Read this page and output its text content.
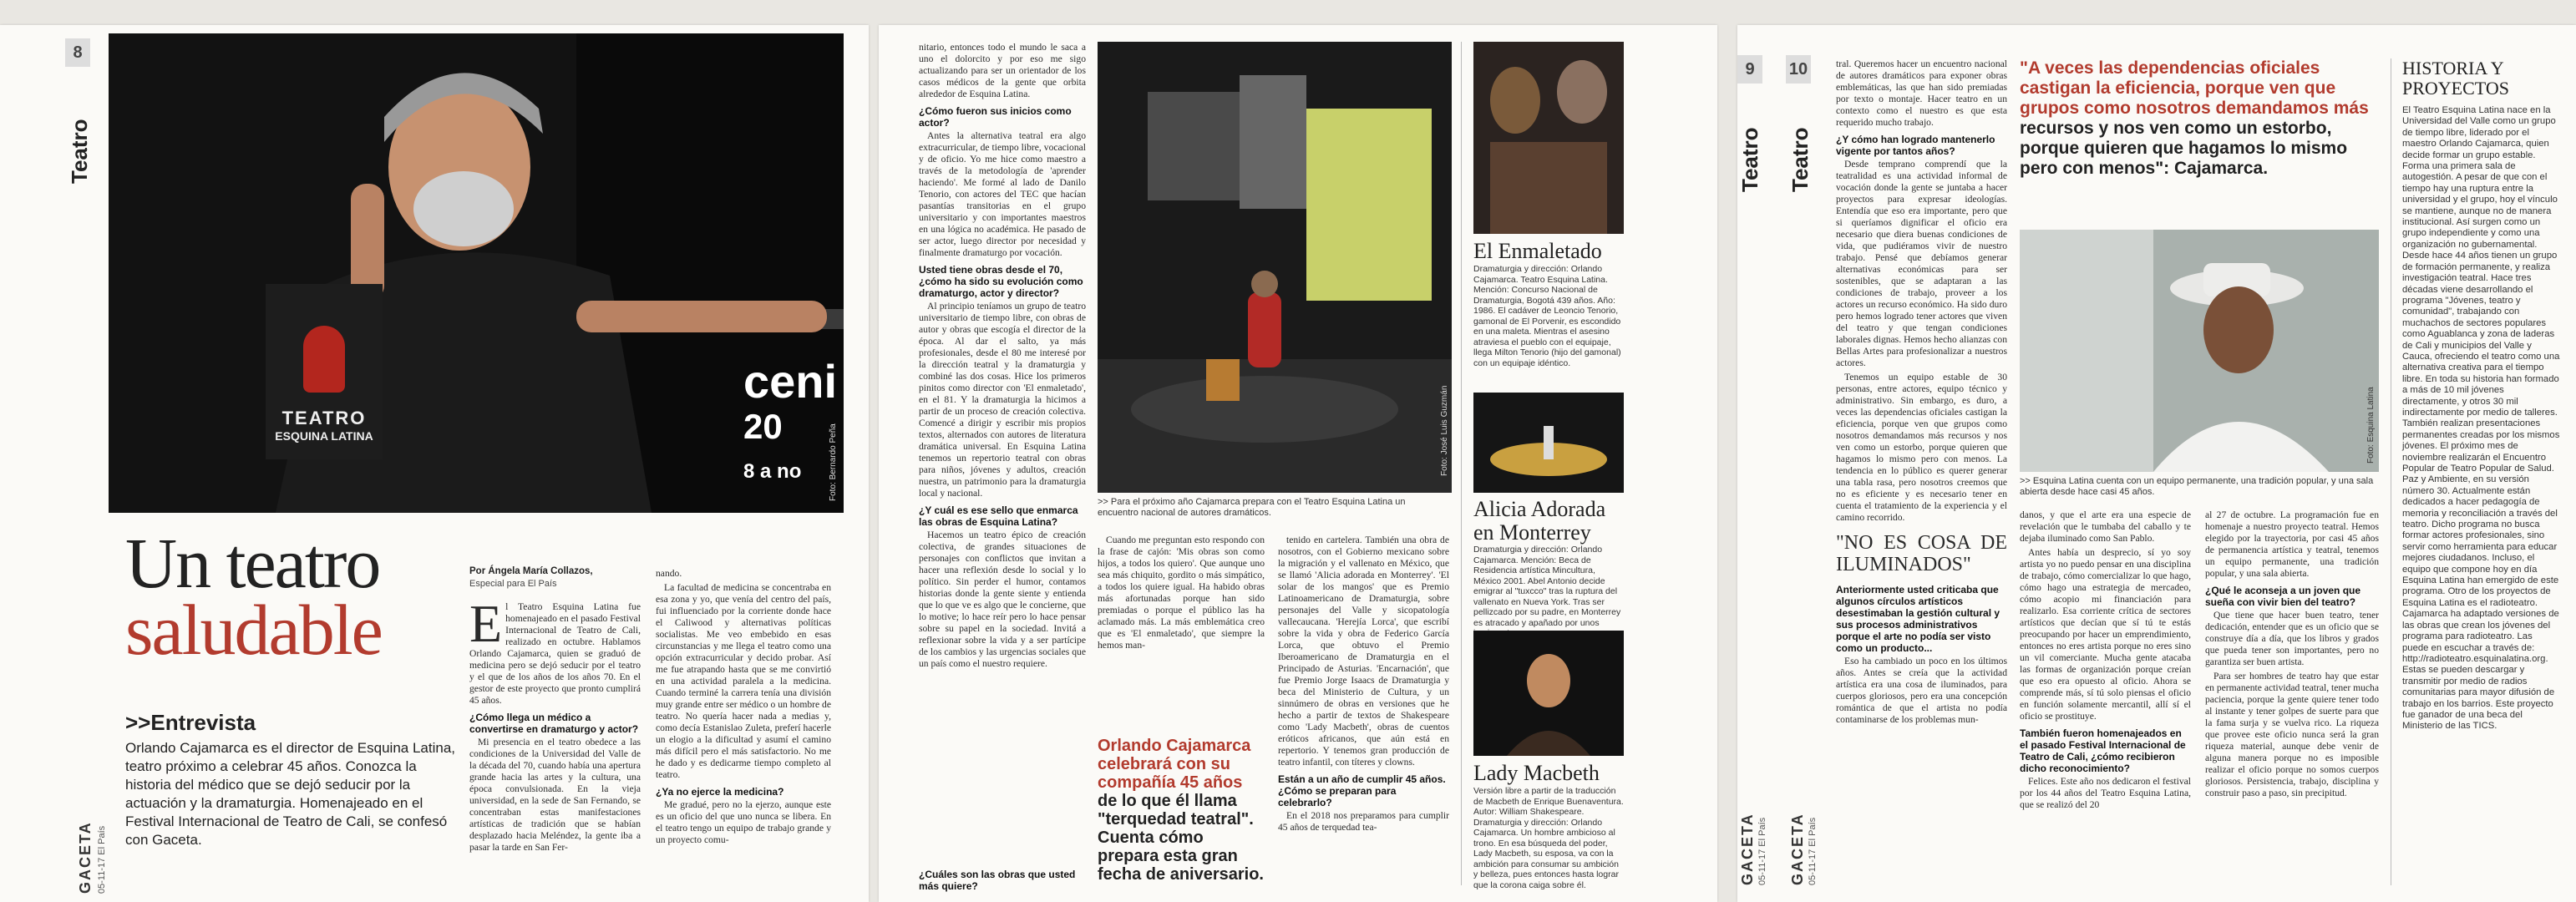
8
Teatro
TEATRO
ESQUINA LATINA
ceni
20
8 a no	Foto: Bernardo Peña
Un teatro
saludable
>>Entrevista
Orlando Cajamarca es el director de Esquina Latina, teatro próximo a celebrar 45 años. Conozca la historia del médico que se dejó seducir por la actuación y la dramaturgia. Homenajeado en el Festival Internacional de Teatro de Cali, se confesó con Gaceta.
Por Ángela María Collazos,
Especial para El País
E l Teatro Esquina Latina fue homenajeado en el pasado Festival Internacional de Teatro de Cali, realizado en octubre. Hablamos Orlando Cajamarca, quien se graduó de medicina pero se dejó seducir por el teatro y el que de los años de los años 70. En el gestor de este proyecto que pronto cumplirá 45 años.

¿Cómo llega un médico a convertirse en dramaturgo y actor?

Mi presencia en el teatro obedece a las condiciones de la Universidad del Valle de la década del 70, cuando había una apertura grande hacia las artes y la cultura, una época convulsionada. En la vieja universidad, en la sede de San Fernando, se concentraban estas manifestaciones artísticas de tradición que se habían desplazado hacia Meléndez, la gente iba a pasar la tarde en San Fer-

nando.

La facultad de medicina se concentraba en esa zona y yo, que venía del centro del país, fui influenciado por la corriente donde hace el Caliwood y alternativas políticas socialistas. Me veo embebido en esas circunstancias y me llega el teatro como una opción extracurricular y decido probar. Así me fue atrapando hasta que se me convirtió en una actividad paralela a la medicina. Cuando terminé la carrera tenía una división muy grande entre ser médico o un hombre de teatro. No quería hacer nada a medias y, como decía Estanislao Zuleta, preferí hacerle un elogio a la dificultad y asumí el camino más difícil pero el más satisfactorio. No me he dado y es dedicarme tiempo completo al teatro.

¿Ya no ejerce la medicina?

Me gradué, pero no la ejerzo, aunque este es un oficio del que uno nunca se libera. En el teatro tengo un equipo de trabajo grande y un proyecto comu-

GACETA 05-11-17 El País

nitario, entonces todo el mundo le saca a uno el dolorcito y por eso me sigo actualizando para ser un orientador de los casos médicos de la gente que orbita alrededor de Esquina Latina.

¿Cómo fueron sus inicios como actor?

Antes la alternativa teatral era algo extracurricular, de tiempo libre, vocacional y de oficio. Yo me hice como maestro a través de la metodología de 'aprender haciendo'. Me formé al lado de Danilo Tenorio, con actores del TEC que hacían pasantías transitorias en el grupo universitario y con importantes maestros en una lógica no académica. He pasado de ser actor, luego director por necesidad y finalmente dramaturgo por vocación.

Usted tiene obras desde el 70, ¿cómo ha sido su evolución como dramaturgo, actor y director?

Al principio teníamos un grupo de teatro universitario de tiempo libre, con obras de autor y obras que escogía el director de la época. Al dar el salto, ya más profesionales, desde el 80 me interesé por la dirección teatral y la dramaturgia y combiné las dos cosas. Hice los primeros pinitos como director con 'El enmaletado', en el 81. Y la dramaturgia la hicimos a partir de un proceso de creación colectiva. Comencé a dirigir y escribir mis propios textos, alternados con autores de literatura dramática universal. En Esquina Latina tenemos un repertorio teatral con obras para niños, jóvenes y adultos, creación nuestra, un patrimonio para la dramaturgia local y nacional.

¿Y cuál es ese sello que enmarca las obras de Esquina Latina?

Hacemos un teatro épico de creación colectiva, de grandes situaciones de personajes con conflictos que invitan a hacer una reflexión desde lo social y lo político. Sin perder el humor, contamos historias donde la gente siente y entienda que lo que ve es algo que le concierne, que lo motive; lo hace reír pero lo hace pensar sobre su papel en la sociedad. Invitá a reflexionar sobre la vida y a ser partícipe de los cambios y las urgencias sociales que un país como el nuestro requiere.

Foto: José Luis Guzmán
>> Para el próximo año Cajamarca prepara con el Teatro Esquina Latina un encuentro nacional de autores dramáticos.

Cuando me preguntan esto respondo con la frase de cajón: 'Mis obras son como hijos, a todos los quiero'. Que aunque uno sea más chiquito, gordito o más simpático, a todos los quiere igual. Ha habido obras más afortunadas porque han sido premiadas o porque el público las ha aclamado más. La más emblemática creo que es 'El enmaletado', que siempre la hemos man-

Orlando Cajamarca celebrará con su compañía 45 años de lo que él llama "terquedad teatral". Cuenta cómo prepara esta gran fecha de aniversario.
¿Cuáles son las obras que usted más quiere?

tenido en cartelera. También una obra de nosotros, con el Gobierno mexicano sobre la migración y el vallenato en México, que se llamó 'Alicia adorada en Monterrey'. 'El solar de los mangos' que es Premio Latinoamericano de Dramaturgia, sobre personajes del Valle y sicopatología vallecaucana. 'Herejía Lorca', que escribí sobre la vida y obra de Federico García Lorca, que obtuvo el Premio Iberoamericano de Dramaturgia en el Principado de Asturias. 'Encarnación', que fue Premio Jorge Isaacs de Dramaturgia y beca del Ministerio de Cultura, y un sinnúmero de obras en versiones que he hecho a partir de textos de Shakespeare como 'Lady Macbeth', obras de cuentos eróticos africanos, que aún está en repertorio. Y tenemos gran producción de teatro infantil, con títeres y clowns.

Están a un año de cumplir 45 años. ¿Cómo se preparan para celebrarlo?

En el 2018 nos preparamos para cumplir 45 años de terquedad tea-

El Enmaletado
Dramaturgia y dirección: Orlando Cajamarca. Teatro Esquina Latina. Mención: Concurso Nacional de Dramaturgia, Bogotá 439 años. Año: 1986. El cadáver de Leoncio Tenorio, gamonal de El Porvenir, es escondido en una maleta. Mientras el asesino atraviesa el pueblo con el equipaje, llega Milton Tenorio (hijo del gamonal) con un equipaje idéntico.
Alicia Adorada en Monterrey
Dramaturgia y dirección: Orlando Cajamarca. Mención: Beca de Residencia artística Mincultura, México 2001. Abel Antonio decide emigrar al "tuxcco" tras la ruptura del vallenato en Nueva York. Tras ser pellizcado por su padre, en Monterrey es atracado y apañado por unos
Lady Macbeth
Versión libre a partir de la traducción de Macbeth de Enrique Buenaventura. Autor: William Shakespeare. Dramaturgia y dirección: Orlando Cajamarca. Un hombre ambicioso al trono. En esa búsqueda del poder, Lady Macbeth, su esposa, va con la ambición para consumar su ambición y belleza, pues entonces hasta lograr que la corona caiga sobre él.
9
Teatro
GACETA 05-11-17 El País
10
Teatro
GACETA 05-11-17 El País

tral. Queremos hacer un encuentro nacional de autores dramáticos para exponer obras emblemáticas, las que han sido premiadas por texto o montaje. Hacer teatro en un contexto como el nuestro es que esta requerido mucho trabajo.

¿Y cómo han logrado mantenerlo vigente por tantos años?

Desde temprano comprendí que la teatralidad es una actividad informal de vocación donde la gente se juntaba a hacer proyectos para expresar ideologías. Entendía que eso era importante, pero que si queríamos dignificar el oficio era necesario que diera buenas condiciones de vida, que pudiéramos vivir de nuestro trabajo. Pensé que debíamos generar alternativas económicas para ser sostenibles, que se adaptaran a las condiciones de trabajo, proveer a los actores un recurso económico. Ha sido duro pero hemos logrado tener actores que viven del teatro y que tengan condiciones laborales dignas. Hemos hecho alianzas con Bellas Artes para profesionalizar a nuestros actores.

Tenemos un equipo estable de 30 personas, entre actores, equipo técnico y administrativo. Sin embargo, es duro, a veces las dependencias oficiales castigan la eficiencia, porque ven que grupos como nosotros demandamos más recursos y nos ven como un estorbo, porque quieren que hagamos lo mismo pero con menos. La tendencia en lo público es querer generar una tabla rasa, pero nosotros creemos que no es eficiente y es necesario tener en cuenta el tratamiento de la experiencia y el camino recorrido.

"NO ES COSA DE ILUMINADOS"
Anteriormente usted criticaba que algunos círculos artísticos desestimaban la gestión cultural y sus procesos administrativos porque el arte no podía ser visto como un producto...

Eso ha cambiado un poco en los últimos años. Antes se creía que la actividad artística era una cosa de iluminados, para cuerpos gloriosos, pero era una concepción romántica de que el artista no podía contaminarse de los problemas mun-

"A veces las dependencias oficiales castigan la eficiencia, porque ven que grupos como nosotros demandamos más recursos y nos ven como un estorbo, porque quieren que hagamos lo mismo pero con menos": Cajamarca.
Foto: Esquina Latina
>> Esquina Latina cuenta con un equipo permanente, una tradición popular, y una sala abierta desde hace casi 45 años.

danos, y que el arte era una especie de revelación que le tumbaba del caballo y te dejaba iluminado como San Pablo.

Antes había un desprecio, sí yo soy artista yo no puedo pensar en una disciplina de trabajo, cómo comercializar lo que hago, cómo hago una estrategia de mercadeo, cómo acopio mi financiación para realizarlo. Esa corriente crítica de sectores artísticos que decían que sí tú te estás preocupando por hacer un emprendimiento, entonces no eres artista porque no eres sino un vil comerciante. Mucha gente atacaba las formas de organización porque creían que eso era opuesto al oficio. Ahora se comprende más, sí tú solo piensas el oficio en función solamente mercantil, allí sí el oficio se prostituye.

También fueron homenajeados en el pasado Festival Internacional de Teatro de Cali, ¿cómo recibieron dicho reconocimiento?

Felices. Este año nos dedicaron el festival por los 44 años del Teatro Esquina Latina, que se realizó del 20

al 27 de octubre. La programación fue en homenaje a nuestro proyecto teatral. Hemos elegido por la trayectoria, por casi 45 años de permanencia artística y teatral, tenemos un equipo permanente, una tradición popular, y una sala abierta.

¿Qué le aconseja a un joven que sueña con vivir bien del teatro?

Que tiene que hacer buen teatro, tener dedicación, entender que es un oficio que se construye día a día, que los libros y grados que pueda tener son importantes, pero no garantiza ser buen artista.

Para ser hombres de teatro hay que estar en permanente actividad teatral, tener mucha paciencia, porque la gente quiere tener todo al instante y tener golpes de suerte para que la fama surja y se vuelva rico. La riqueza que provee este oficio nunca será la gran riqueza material, aunque debe venir de alguna manera porque no es imposible realizar el oficio porque no somos cuerpos gloriosos. Persistencia, trabajo, disciplina y construir paso a paso, sin precipitud.

HISTORIA Y PROYECTOS
El Teatro Esquina Latina nace en la Universidad del Valle como un grupo de tiempo libre, liderado por el maestro Orlando Cajamarca, quien decide formar un grupo estable. Forma una primera sala de autogestión. A pesar de que con el tiempo hay una ruptura entre la universidad y el grupo, hoy el vínculo se mantiene, aunque no de manera institucional. Así surgen como un grupo independiente y como una organización no gubernamental. Desde hace 44 años tienen un grupo de formación permanente, y realiza investigación teatral. Hace tres décadas viene desarrollando el programa "Jóvenes, teatro y comunidad", trabajando con muchachos de sectores populares como Aguablanca y zona de laderas de Cali y municipios del Valle y Cauca, ofreciendo el teatro como una alternativa creativa para el tiempo libre. En toda su historia han formado a más de 10 mil jóvenes directamente, y otros 30 mil indirectamente por medio de talleres. También realizan presentaciones permanentes creadas por los mismos jóvenes. El próximo mes de noviembre realizarán el Encuentro Popular de Teatro Popular de Salud. Paz y Ambiente, en su versión número 30. Actualmente están dedicados a hacer pedagogía de memoria y reconciliación a través del teatro. Dicho programa no busca formar actores profesionales, sino servir como herramienta para educar mejores ciudadanos. Incluso, el equipo que compone hoy en día Esquina Latina han emergido de este programa. Otro de los proyectos de Esquina Latina es el radioteatro. Cajamarca ha adaptado versiones de las obras que crean los jóvenes del programa para radioteatro. Las puede en escuchar a través de: http://radioteatro.esquinalatina.org. Estas se pueden descargar y transmitir por medio de radios comunitarias para mayor difusión de trabajo en los barrios. Este proyecto fue ganador de una beca del Ministerio de las TICS.
